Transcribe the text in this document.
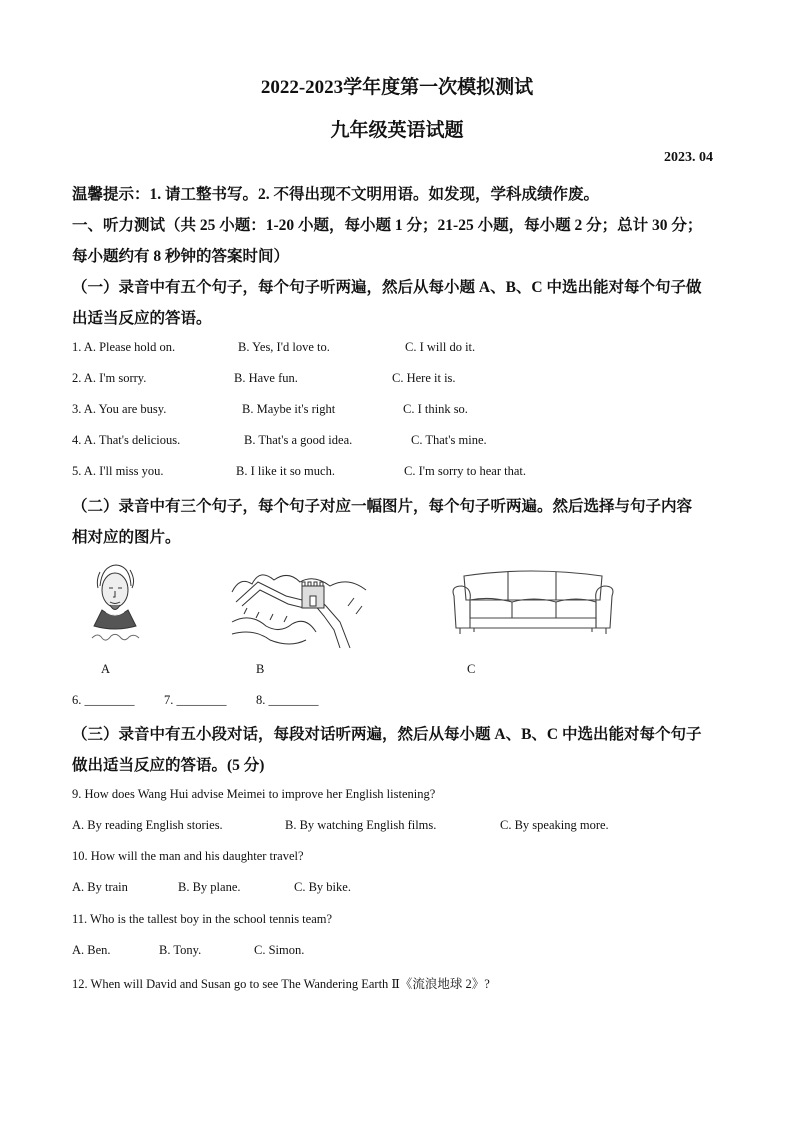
2022-2023学年度第一次模拟测试
九年级英语试题
2023. 04
温馨提示：1. 请工整书写。2. 不得出现不文明用语。如发现，学科成绩作废。
一、听力测试（共 25 小题：1-20 小题，每小题 1 分；21-25 小题，每小题 2 分；总计 30 分；
每小题约有 8 秒钟的答案时间）
（一）录音中有五个句子，每个句子听两遍，然后从每小题 A、B、C 中选出能对每个句子做
出适当反应的答语。
1. A. Please hold on.	B. Yes, I'd love to.	C. I will do it.
2. A. I'm sorry.	B. Have fun.	C. Here it is.
3. A. You are busy.	B. Maybe it's right	C. I think so.
4. A. That's delicious.	B. That's a good idea.	C. That's mine.
5. A. I'll miss you.	B. I like it so much.	C. I'm sorry to hear that.
（二）录音中有三个句子，每个句子对应一幅图片，每个句子听两遍。然后选择与句子内容
相对应的图片。
A	B	C
6. ________ 7. ________ 8. ________
（三）录音中有五小段对话，每段对话听两遍，然后从每小题 A、B、C 中选出能对每个句子
做出适当反应的答语。(5 分)
9. How does Wang Hui advise Meimei to improve her English listening?
A. By reading English stories.	B. By watching English films.	C. By speaking more.
10. How will the man and his daughter travel?
A. By train	B. By plane.	C. By bike.
11. Who is the tallest boy in the school tennis team?
A. Ben.	B. Tony.	C. Simon.
12. When will David and Susan go to see The Wandering Earth Ⅱ《流浪地球 2》?
